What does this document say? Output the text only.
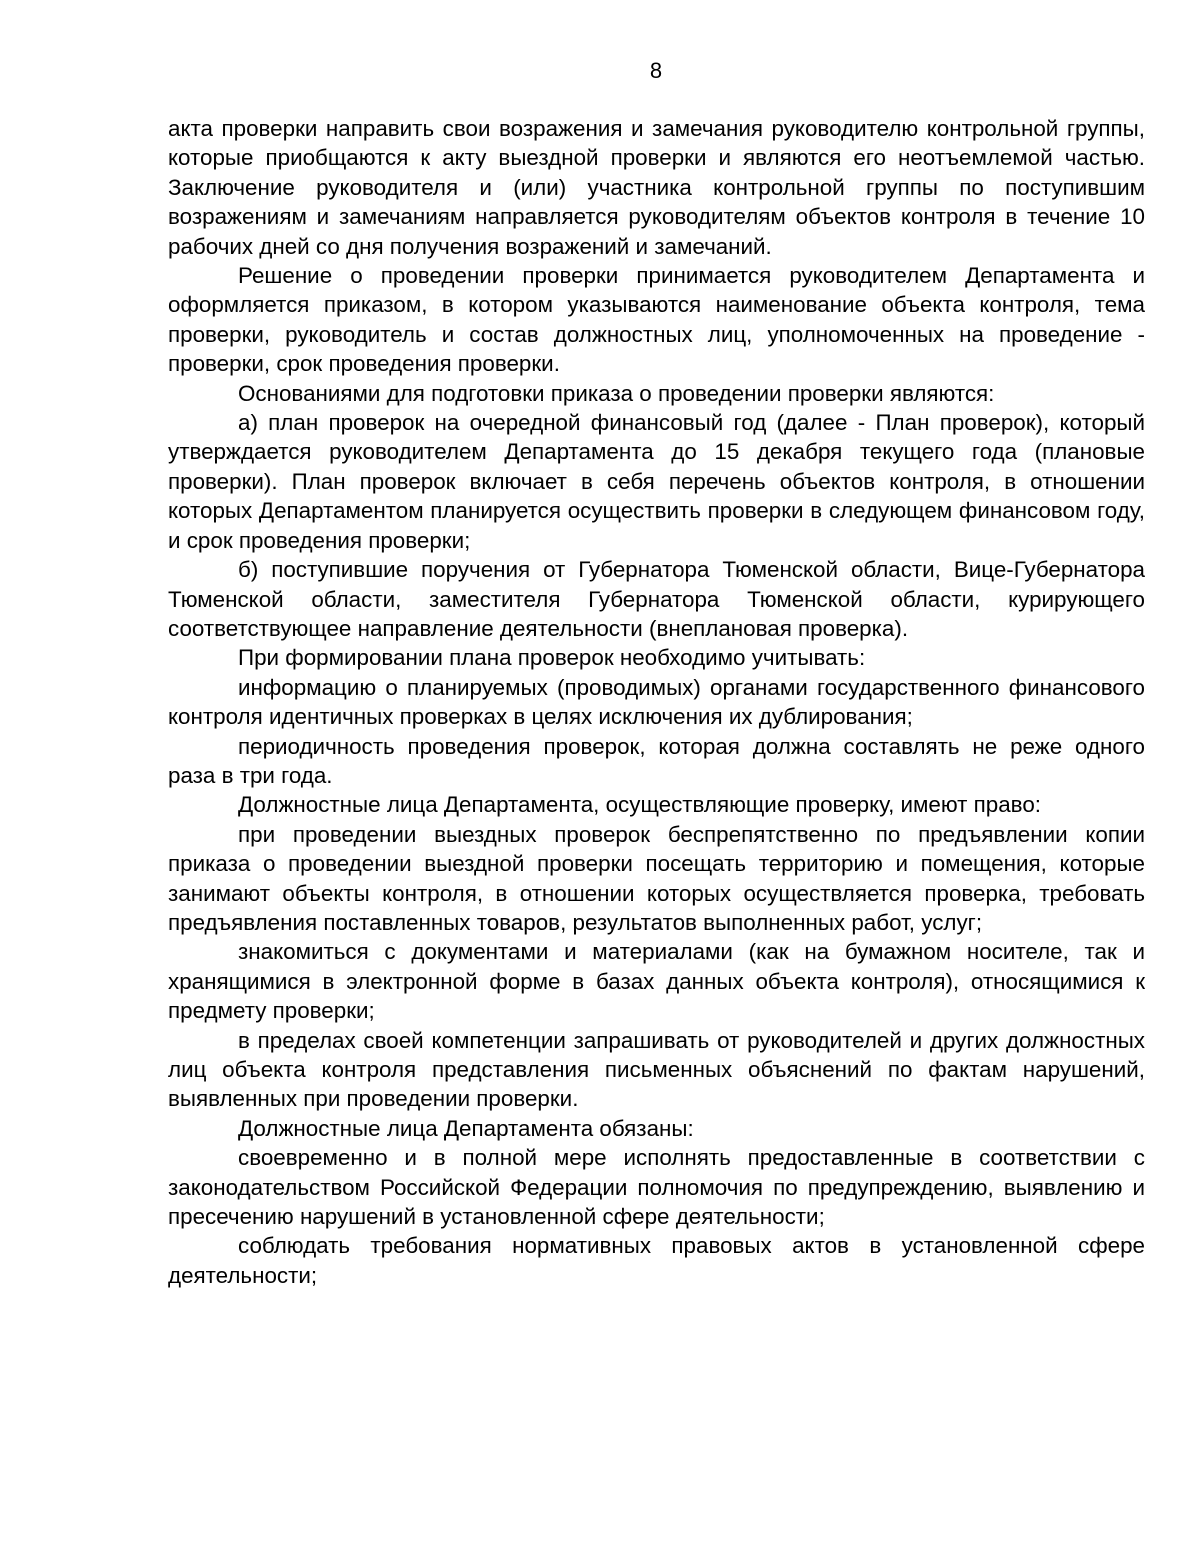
8

акта проверки направить свои возражения и замечания руководителю контрольной группы, которые приобщаются к акту выездной проверки и являются его неотъемлемой частью. Заключение руководителя и (или) участника контрольной группы по поступившим возражениям и замечаниям направляется руководителям объектов контроля в течение 10 рабочих дней со дня получения возражений и замечаний.

Решение о проведении проверки принимается руководителем Департамента и оформляется приказом, в котором указываются наименование объекта контроля, тема проверки, руководитель и состав должностных лиц, уполномоченных на проведение - проверки, срок проведения проверки.

Основаниями для подготовки приказа о проведении проверки являются:

а) план проверок на очередной финансовый год (далее - План проверок), который утверждается руководителем Департамента до 15 декабря текущего года (плановые проверки). План проверок включает в себя перечень объектов контроля, в отношении которых Департаментом планируется осуществить проверки в следующем финансовом году, и срок проведения проверки;

б) поступившие поручения от Губернатора Тюменской области, Вице-Губернатора Тюменской области, заместителя Губернатора Тюменской области, курирующего соответствующее направление деятельности (внеплановая проверка).

При формировании плана проверок необходимо учитывать:

информацию о планируемых (проводимых) органами государственного финансового контроля идентичных проверках в целях исключения их дублирования;

периодичность проведения проверок, которая должна составлять не реже одного раза в три года.

Должностные лица Департамента, осуществляющие проверку, имеют право:

при проведении выездных проверок беспрепятственно по предъявлении копии приказа о проведении выездной проверки посещать территорию и помещения, которые занимают объекты контроля, в отношении которых осуществляется проверка, требовать предъявления поставленных товаров, результатов выполненных работ, услуг;

знакомиться с документами и материалами (как на бумажном носителе, так и хранящимися в электронной форме в базах данных объекта контроля), относящимися к предмету проверки;

в пределах своей компетенции запрашивать от руководителей и других должностных лиц объекта контроля представления письменных объяснений по фактам нарушений, выявленных при проведении проверки.

Должностные лица Департамента обязаны:

своевременно и в полной мере исполнять предоставленные в соответствии с законодательством Российской Федерации полномочия по предупреждению, выявлению и пресечению нарушений в установленной сфере деятельности;

соблюдать требования нормативных правовых актов в установленной сфере деятельности;
